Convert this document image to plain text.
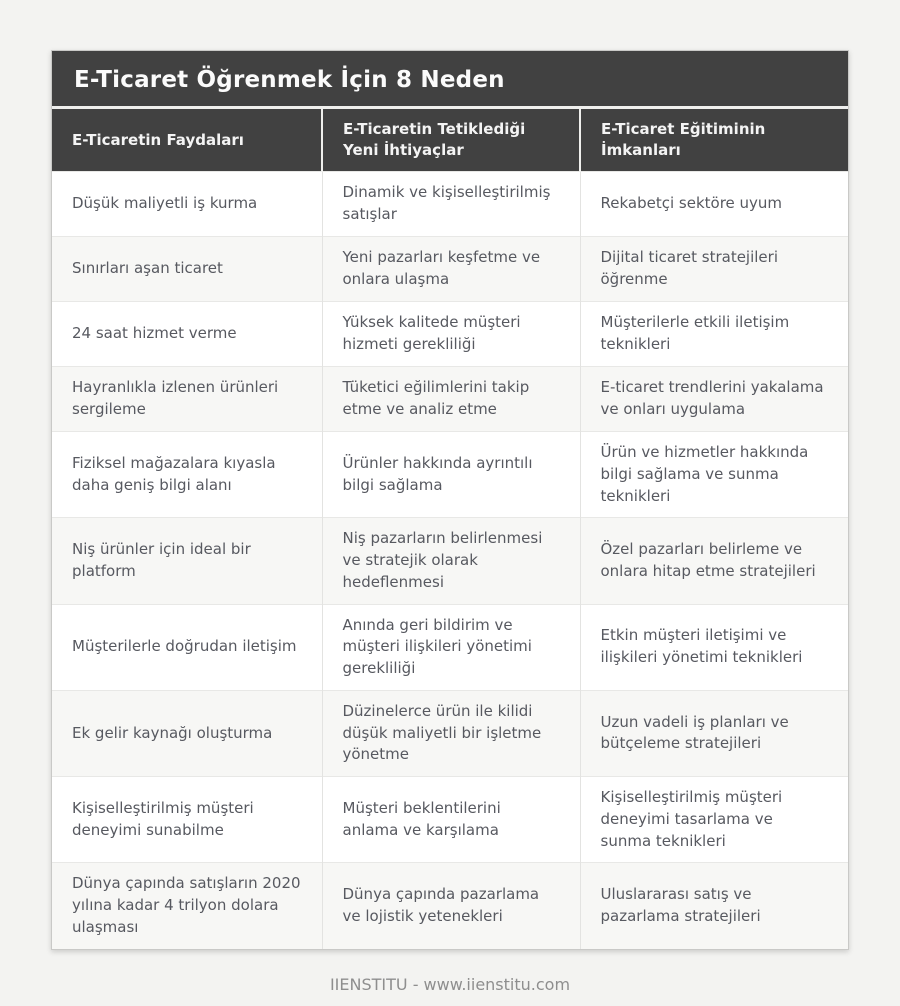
E-Ticaret Öğrenmek İçin 8 Neden
E-Ticaretin Faydaları	E-Ticaretin Tetiklediği Yeni İhtiyaçlar	E-Ticaret Eğitiminin İmkanları
Düşük maliyetli iş kurma	Dinamik ve kişiselleştirilmiş satışlar	Rekabetçi sektöre uyum
Sınırları aşan ticaret	Yeni pazarları keşfetme ve onlara ulaşma	Dijital ticaret stratejileri öğrenme
24 saat hizmet verme	Yüksek kalitede müşteri hizmeti gerekliliği	Müşterilerle etkili iletişim teknikleri
Hayranlıkla izlenen ürünleri sergileme	Tüketici eğilimlerini takip etme ve analiz etme	E-ticaret trendlerini yakalama ve onları uygulama
Fiziksel mağazalara kıyasla daha geniş bilgi alanı	Ürünler hakkında ayrıntılı bilgi sağlama	Ürün ve hizmetler hakkında bilgi sağlama ve sunma teknikleri
Niş ürünler için ideal bir platform	Niş pazarların belirlenmesi ve stratejik olarak hedeflenmesi	Özel pazarları belirleme ve onlara hitap etme stratejileri
Müşterilerle doğrudan iletişim	Anında geri bildirim ve müşteri ilişkileri yönetimi gerekliliği	Etkin müşteri iletişimi ve ilişkileri yönetimi teknikleri
Ek gelir kaynağı oluşturma	Düzinelerce ürün ile kilidi düşük maliyetli bir işletme yönetme	Uzun vadeli iş planları ve bütçeleme stratejileri
Kişiselleştirilmiş müşteri deneyimi sunabilme	Müşteri beklentilerini anlama ve karşılama	Kişiselleştirilmiş müşteri deneyimi tasarlama ve sunma teknikleri
Dünya çapında satışların 2020 yılına kadar 4 trilyon dolara ulaşması	Dünya çapında pazarlama ve lojistik yetenekleri	Uluslararası satış ve pazarlama stratejileri
IIENSTITU - www.iienstitu.com
